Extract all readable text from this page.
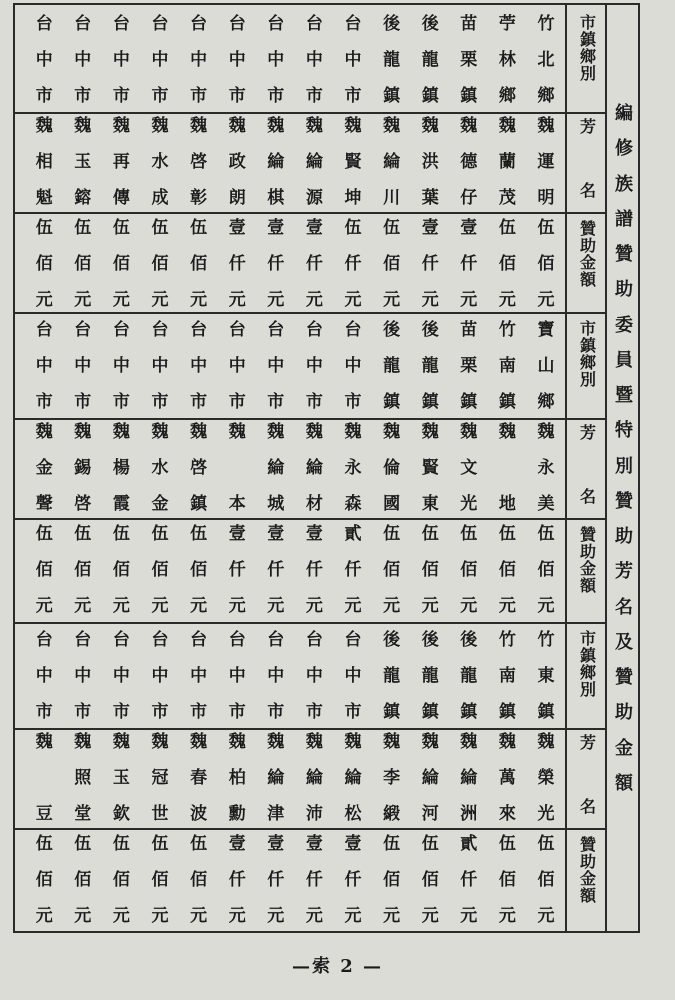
竹
北
鄉
魏
運
明
伍
佰
元
苧
林
鄉
魏
蘭
茂
伍
佰
元
苗
栗
鎮
魏
德
仔
壹
仟
元
後
龍
鎮
魏
洪
葉
壹
仟
元
後
龍
鎮
魏
綸
川
伍
佰
元
台
中
市
魏
賢
坤
伍
仟
元
台
中
市
魏
綸
源
壹
仟
元
台
中
市
魏
綸
棋
壹
仟
元
台
中
市
魏
政
朗
壹
仟
元
台
中
市
魏
啓
彰
伍
佰
元
台
中
市
魏
水
成
伍
佰
元
台
中
市
魏
再
傳
伍
佰
元
台
中
市
魏
玉
鎔
伍
佰
元
台
中
市
魏
相
魁
伍
佰
元
寶
山
鄉
魏
永
美
伍
佰
元
竹
南
鎮
魏

地
伍
佰
元
苗
栗
鎮
魏
文
光
伍
佰
元
後
龍
鎮
魏
賢
東
伍
佰
元
後
龍
鎮
魏
倫
國
伍
佰
元
台
中
市
魏
永
森
貳
仟
元
台
中
市
魏
綸
材
壹
仟
元
台
中
市
魏
綸
城
壹
仟
元
台
中
市
魏

本
壹
仟
元
台
中
市
魏
啓
鎮
伍
佰
元
台
中
市
魏
水
金
伍
佰
元
台
中
市
魏
楊
霞
伍
佰
元
台
中
市
魏
錫
啓
伍
佰
元
台
中
市
魏
金
聲
伍
佰
元
竹
東
鎮
魏
榮
光
伍
佰
元
竹
南
鎮
魏
萬
來
伍
佰
元
後
龍
鎮
魏
綸
洲
貳
仟
元
後
龍
鎮
魏
綸
河
伍
佰
元
後
龍
鎮
魏
李
緞
伍
佰
元
台
中
市
魏
綸
松
壹
仟
元
台
中
市
魏
綸
沛
壹
仟
元
台
中
市
魏
綸
津
壹
仟
元
台
中
市
魏
柏
勳
壹
仟
元
台
中
市
魏
春
波
伍
佰
元
台
中
市
魏
冠
世
伍
佰
元
台
中
市
魏
玉
欽
伍
佰
元
台
中
市
魏
照
堂
伍
佰
元
台
中
市
魏

豆
伍
佰
元
市
鎮
鄉
別
芳
名
贊
助
金
額
市
鎮
鄉
別
芳
名
贊
助
金
額
市
鎮
鄉
別
芳
名
贊
助
金
額
編
修
族
譜
贊
助
委
員
暨
特
別
贊
助
芳
名
及
贊
助
金
額
—索 2 —
